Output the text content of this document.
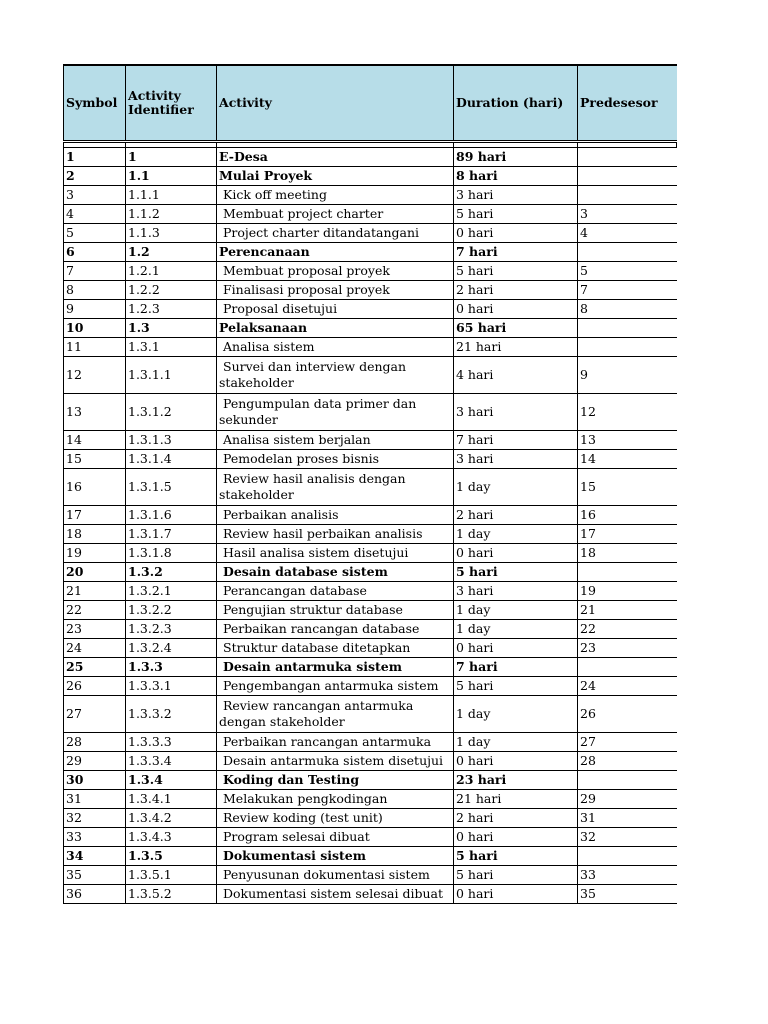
Symbol	Activity Identifier	Activity	Duration (hari)	Predesesor

1	1	E-Desa	89 hari	
2	1.1	Mulai Proyek	8 hari	
3	1.1.1	Kick off meeting	3 hari	
4	1.1.2	Membuat project charter	5 hari	3
5	1.1.3	Project charter ditandatangani	0 hari	4
6	1.2	Perencanaan	7 hari	
7	1.2.1	Membuat proposal proyek	5 hari	5
8	1.2.2	Finalisasi proposal proyek	2 hari	7
9	1.2.3	Proposal disetujui	0 hari	8
10	1.3	Pelaksanaan	65 hari	
11	1.3.1	Analisa sistem	21 hari	
12	1.3.1.1	Survei dan interview dengan stakeholder	4 hari	9
13	1.3.1.2	Pengumpulan data primer dan sekunder	3 hari	12
14	1.3.1.3	Analisa sistem berjalan	7 hari	13
15	1.3.1.4	Pemodelan proses bisnis	3 hari	14
16	1.3.1.5	Review hasil analisis dengan stakeholder	1 day	15
17	1.3.1.6	Perbaikan analisis	2 hari	16
18	1.3.1.7	Review hasil perbaikan analisis	1 day	17
19	1.3.1.8	Hasil analisa sistem disetujui	0 hari	18
20	1.3.2	Desain database sistem	5 hari	
21	1.3.2.1	Perancangan database	3 hari	19
22	1.3.2.2	Pengujian struktur database	1 day	21
23	1.3.2.3	Perbaikan rancangan database	1 day	22
24	1.3.2.4	Struktur database ditetapkan	0 hari	23
25	1.3.3	Desain antarmuka sistem	7 hari	
26	1.3.3.1	Pengembangan antarmuka sistem	5 hari	24
27	1.3.3.2	Review rancangan antarmuka dengan stakeholder	1 day	26
28	1.3.3.3	Perbaikan rancangan antarmuka	1 day	27
29	1.3.3.4	Desain antarmuka sistem disetujui	0 hari	28
30	1.3.4	Koding dan Testing	23 hari	
31	1.3.4.1	Melakukan pengkodingan	21 hari	29
32	1.3.4.2	Review koding (test unit)	2 hari	31
33	1.3.4.3	Program selesai dibuat	0 hari	32
34	1.3.5	Dokumentasi sistem	5 hari	
35	1.3.5.1	Penyusunan dokumentasi sistem	5 hari	33
36	1.3.5.2	Dokumentasi sistem selesai dibuat	0 hari	35
